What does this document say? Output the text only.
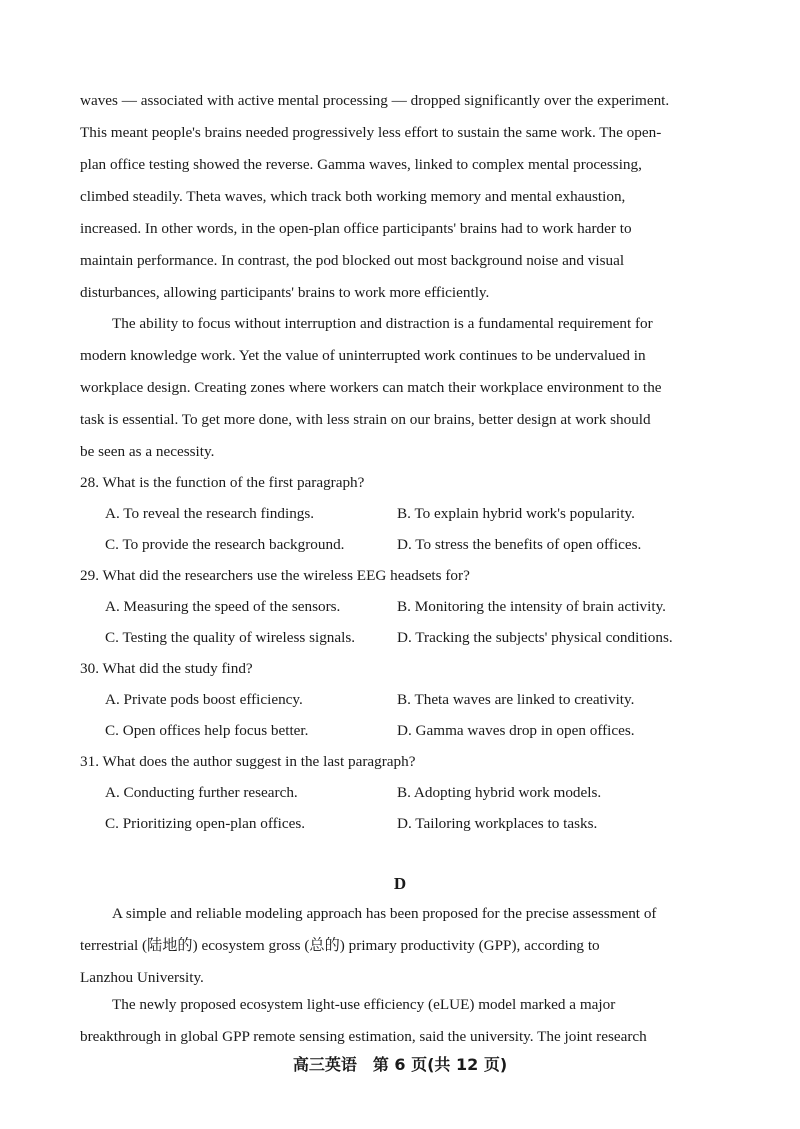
waves — associated with active mental processing — dropped significantly over the experiment.
This meant people's brains needed progressively less effort to sustain the same work. The open-
plan office testing showed the reverse. Gamma waves, linked to complex mental processing,
climbed steadily. Theta waves, which track both working memory and mental exhaustion,
increased. In other words, in the open-plan office participants' brains had to work harder to
maintain performance. In contrast, the pod blocked out most background noise and visual
disturbances, allowing participants' brains to work more efficiently.

The ability to focus without interruption and distraction is a fundamental requirement for
modern knowledge work. Yet the value of uninterrupted work continues to be undervalued in
workplace design. Creating zones where workers can match their workplace environment to the
task is essential. To get more done, with less strain on our brains, better design at work should
be seen as a necessity.

28. What is the function of the first paragraph?
A. To reveal the research findings.	B. To explain hybrid work's popularity.
C. To provide the research background.	D. To stress the benefits of open offices.
29. What did the researchers use the wireless EEG headsets for?
A. Measuring the speed of the sensors.	B. Monitoring the intensity of brain activity.
C. Testing the quality of wireless signals.	D. Tracking the subjects' physical conditions.
30. What did the study find?
A. Private pods boost efficiency.	B. Theta waves are linked to creativity.
C. Open offices help focus better.	D. Gamma waves drop in open offices.
31. What does the author suggest in the last paragraph?
A. Conducting further research.	B. Adopting hybrid work models.
C. Prioritizing open-plan offices.	D. Tailoring workplaces to tasks.
D

A simple and reliable modeling approach has been proposed for the precise assessment of
terrestrial (陆地的) ecosystem gross (总的) primary productivity (GPP), according to
Lanzhou University.

The newly proposed ecosystem light-use efficiency (eLUE) model marked a major
breakthrough in global GPP remote sensing estimation, said the university. The joint research

高三英语　第 6 页(共 12 页)
